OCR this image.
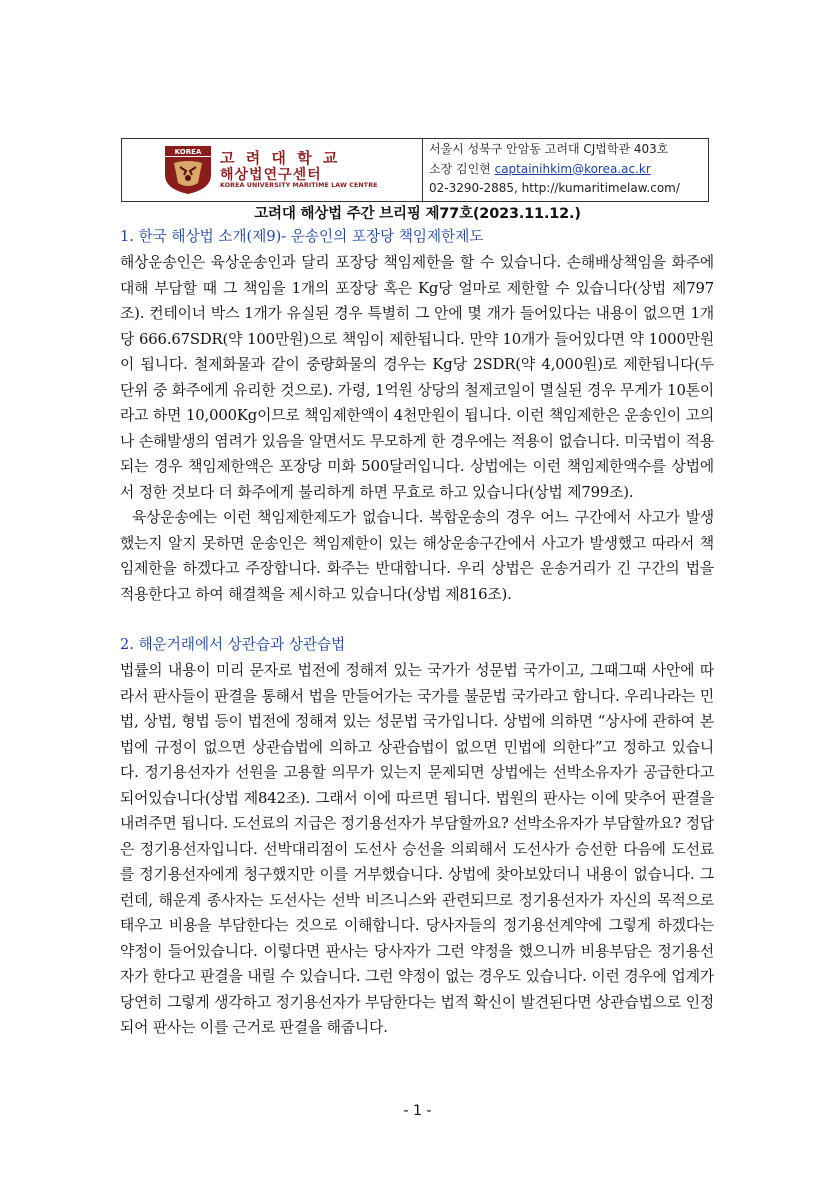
KOREA 고 려 대 학 교
해상법연구센터
KOREA UNIVERSITY MARITIME LAW CENTRE
서울시 성북구 안암동 고려대 CJ법학관 403호
소장 김인현 captainihkim@korea.ac.kr
02-3290-2885, http://kumaritimelaw.com/
고려대 해상법 주간 브리핑 제77호(2023.11.12.)
1. 한국 해상법 소개(제9)- 운송인의 포장당 책임제한제도

해상운송인은 육상운송인과 달리 포장당 책임제한을 할 수 있습니다. 손해배상책임을 화주에 대해 부담할 때 그 책임을 1개의 포장당 혹은 Kg당 얼마로 제한할 수 있습니다(상법 제797조). 컨테이너 박스 1개가 유실된 경우 특별히 그 안에 몇 개가 들어있다는 내용이 없으면 1개당 666.67SDR(약 100만원)으로 책임이 제한됩니다. 만약 10개가 들어있다면 약 1000만원이 됩니다. 철제화물과 같이 중량화물의 경우는 Kg당 2SDR(약 4,000원)로 제한됩니다(두 단위 중 화주에게 유리한 것으로). 가령, 1억원 상당의 철제코일이 멸실된 경우 무게가 10톤이라고 하면 10,000Kg이므로 책임제한액이 4천만원이 됩니다. 이런 책임제한은 운송인이 고의나 손해발생의 염려가 있음을 알면서도 무모하게 한 경우에는 적용이 없습니다. 미국법이 적용되는 경우 책임제한액은 포장당 미화 500달러입니다. 상법에는 이런 책임제한액수를 상법에서 정한 것보다 더 화주에게 불리하게 하면 무효로 하고 있습니다(상법 제799조).

육상운송에는 이런 책임제한제도가 없습니다. 복합운송의 경우 어느 구간에서 사고가 발생했는지 알지 못하면 운송인은 책임제한이 있는 해상운송구간에서 사고가 발생했고 따라서 책임제한을 하겠다고 주장합니다. 화주는 반대합니다. 우리 상법은 운송거리가 긴 구간의 법을 적용한다고 하여 해결책을 제시하고 있습니다(상법 제816조).

2. 해운거래에서 상관습과 상관습법

법률의 내용이 미리 문자로 법전에 정해져 있는 국가가 성문법 국가이고, 그때그때 사안에 따라서 판사들이 판결을 통해서 법을 만들어가는 국가를 불문법 국가라고 합니다. 우리나라는 민법, 상법, 형법 등이 법전에 정해져 있는 성문법 국가입니다. 상법에 의하면 “상사에 관하여 본법에 규정이 없으면 상관습법에 의하고 상관습법이 없으면 민법에 의한다”고 정하고 있습니다. 정기용선자가 선원을 고용할 의무가 있는지 문제되면 상법에는 선박소유자가 공급한다고 되어있습니다(상법 제842조). 그래서 이에 따르면 됩니다. 법원의 판사는 이에 맞추어 판결을 내려주면 됩니다. 도선료의 지급은 정기용선자가 부담할까요? 선박소유자가 부담할까요? 정답은 정기용선자입니다. 선박대리점이 도선사 승선을 의뢰해서 도선사가 승선한 다음에 도선료를 정기용선자에게 청구했지만 이를 거부했습니다. 상법에 찾아보았더니 내용이 없습니다. 그런데, 해운계 종사자는 도선사는 선박 비즈니스와 관련되므로 정기용선자가 자신의 목적으로 태우고 비용을 부담한다는 것으로 이해합니다. 당사자들의 정기용선계약에 그렇게 하겠다는 약정이 들어있습니다. 이렇다면 판사는 당사자가 그런 약정을 했으니까 비용부담은 정기용선자가 한다고 판결을 내릴 수 있습니다. 그런 약정이 없는 경우도 있습니다. 이런 경우에 업계가 당연히 그렇게 생각하고 정기용선자가 부담한다는 법적 확신이 발견된다면 상관습법으로 인정되어 판사는 이를 근거로 판결을 해줍니다.

- 1 -
